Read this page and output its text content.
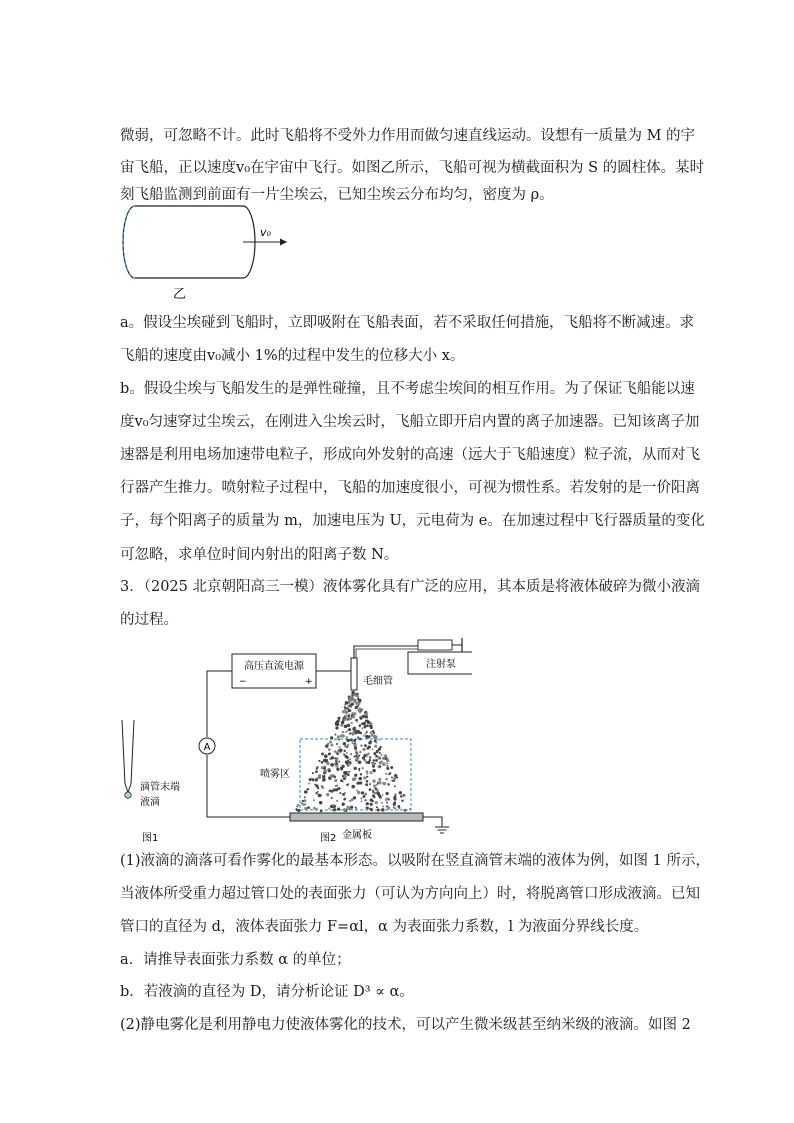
微弱，可忽略不计。此时飞船将不受外力作用而做匀速直线运动。设想有一质量为 M 的宇
宙飞船，正以速度v₀在宇宙中飞行。如图乙所示，飞船可视为横截面积为 S 的圆柱体。某时
刻飞船监测到前面有一片尘埃云，已知尘埃云分布均匀，密度为 ρ。
v₀
乙
a。假设尘埃碰到飞船时，立即吸附在飞船表面，若不采取任何措施，飞船将不断减速。求
飞船的速度由v₀减小 1%的过程中发生的位移大小 x。
b。假设尘埃与飞船发生的是弹性碰撞，且不考虑尘埃间的相互作用。为了保证飞船能以速
度v₀匀速穿过尘埃云，在刚进入尘埃云时，飞船立即开启内置的离子加速器。已知该离子加
速器是利用电场加速带电粒子，形成向外发射的高速（远大于飞船速度）粒子流，从而对飞
行器产生推力。喷射粒子过程中，飞船的加速度很小，可视为惯性系。若发射的是一价阳离
子，每个阳离子的质量为 m，加速电压为 U，元电荷为 e。在加速过程中飞行器质量的变化
可忽略，求单位时间内射出的阳离子数 N。
3．（2025 北京朝阳高三一模）液体雾化具有广泛的应用，其本质是将液体破碎为微小液滴
的过程。
滴管末端
液滴
图1
高压直流电源
−	+
A
毛细管
注射泵
喷雾区
金属板
图2
(1)液滴的滴落可看作雾化的最基本形态。以吸附在竖直滴管末端的液体为例，如图 1 所示，
当液体所受重力超过管口处的表面张力（可认为方向向上）时，将脱离管口形成液滴。已知
管口的直径为 d，液体表面张力 F=αl，α 为表面张力系数，l 为液面分界线长度。
a．请推导表面张力系数 α 的单位；
b．若液滴的直径为 D，请分析论证 D³ ∝ α。
(2)静电雾化是利用静电力使液体雾化的技术，可以产生微米级甚至纳米级的液滴。如图 2
